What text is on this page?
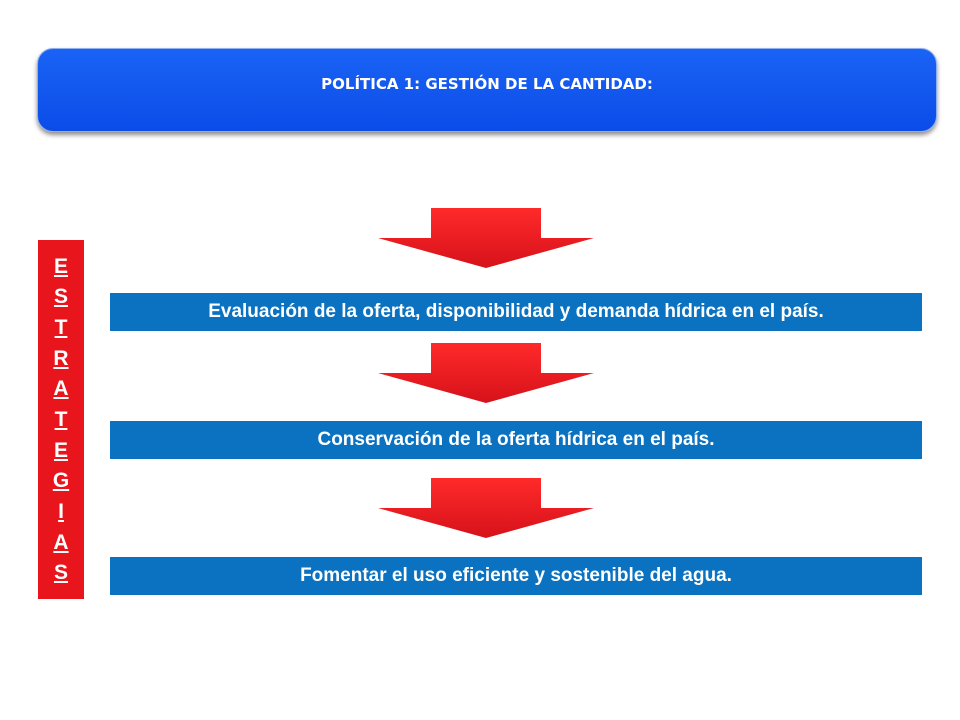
POLÍTICA 1: GESTIÓN DE LA CANTIDAD:
E
S
T
R
A
T
E
G
I
A
S
Evaluación de la oferta, disponibilidad y demanda hídrica en el país.
Conservación de la oferta hídrica en el país.
Fomentar el uso eficiente y sostenible del agua.
